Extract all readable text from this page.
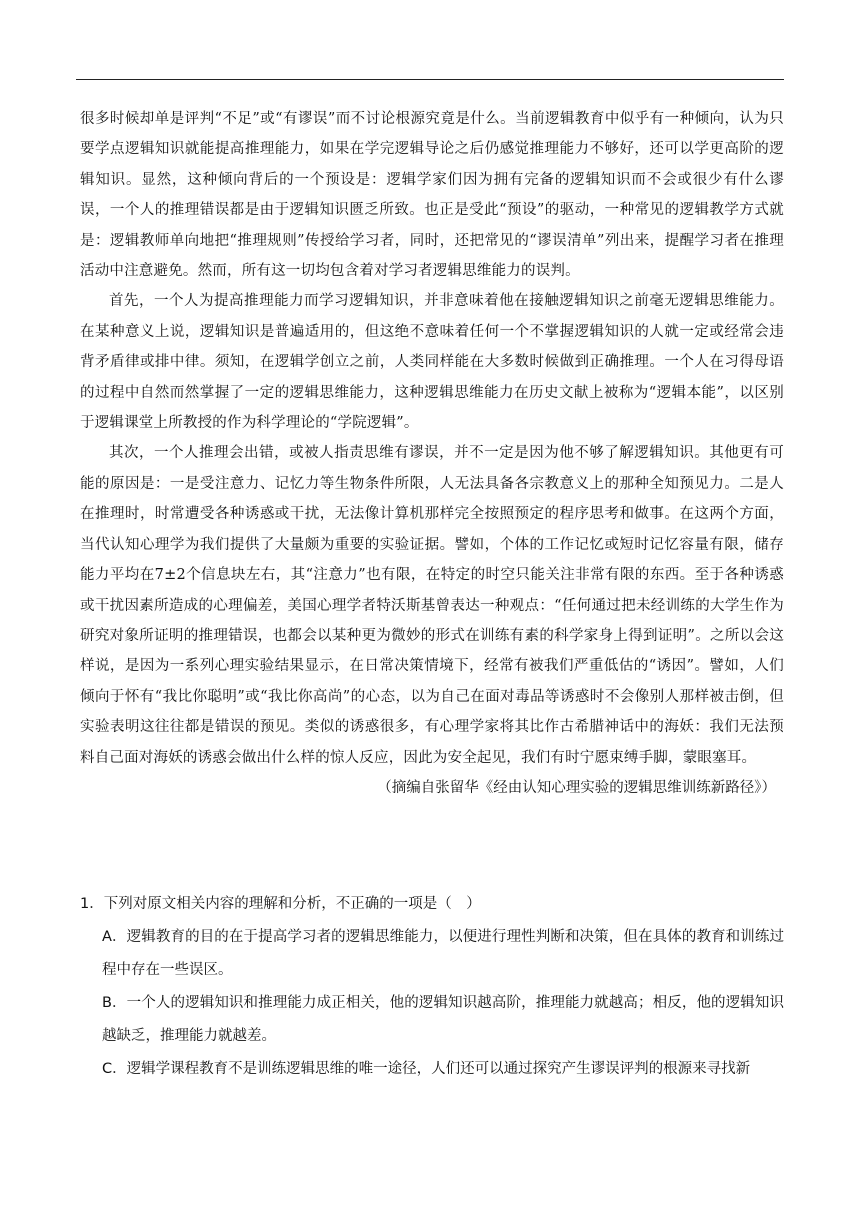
很多时候却单是评判“不足”或“有谬误”而不讨论根源究竟是什么。当前逻辑教育中似乎有一种倾向，认为只要学点逻辑知识就能提高推理能力，如果在学完逻辑导论之后仍感觉推理能力不够好，还可以学更高阶的逻辑知识。显然，这种倾向背后的一个预设是：逻辑学家们因为拥有完备的逻辑知识而不会或很少有什么谬误，一个人的推理错误都是由于逻辑知识匮乏所致。也正是受此“预设”的驱动，一种常见的逻辑教学方式就是：逻辑教师单向地把“推理规则”传授给学习者，同时，还把常见的“谬误清单”列出来，提醒学习者在推理活动中注意避免。然而，所有这一切均包含着对学习者逻辑思维能力的误判。

首先，一个人为提高推理能力而学习逻辑知识，并非意味着他在接触逻辑知识之前毫无逻辑思维能力。在某种意义上说，逻辑知识是普遍适用的，但这绝不意味着任何一个不掌握逻辑知识的人就一定或经常会违背矛盾律或排中律。须知，在逻辑学创立之前，人类同样能在大多数时候做到正确推理。一个人在习得母语的过程中自然而然掌握了一定的逻辑思维能力，这种逻辑思维能力在历史文献上被称为“逻辑本能”，以区别于逻辑课堂上所教授的作为科学理论的“学院逻辑”。

其次，一个人推理会出错，或被人指责思维有谬误，并不一定是因为他不够了解逻辑知识。其他更有可能的原因是：一是受注意力、记忆力等生物条件所限，人无法具备各宗教意义上的那种全知预见力。二是人在推理时，时常遭受各种诱惑或干扰，无法像计算机那样完全按照预定的程序思考和做事。在这两个方面，当代认知心理学为我们提供了大量颇为重要的实验证据。譬如，个体的工作记忆或短时记忆容量有限，储存能力平均在7±2个信息块左右，其“注意力”也有限，在特定的时空只能关注非常有限的东西。至于各种诱惑或干扰因素所造成的心理偏差，美国心理学者特沃斯基曾表达一种观点：“任何通过把未经训练的大学生作为研究对象所证明的推理错误，也都会以某种更为微妙的形式在训练有素的科学家身上得到证明”。之所以会这样说，是因为一系列心理实验结果显示，在日常决策情境下，经常有被我们严重低估的“诱因”。譬如，人们倾向于怀有“我比你聪明”或“我比你高尚”的心态，以为自己在面对毒品等诱惑时不会像别人那样被击倒，但实验表明这往往都是错误的预见。类似的诱惑很多，有心理学家将其比作古希腊神话中的海妖：我们无法预料自己面对海妖的诱惑会做出什么样的惊人反应，因此为安全起见，我们有时宁愿束缚手脚，蒙眼塞耳。

（摘编自张留华《经由认知心理实验的逻辑思维训练新路径》）

1．下列对原文相关内容的理解和分析，不正确的一项是（　）

A．逻辑教育的目的在于提高学习者的逻辑思维能力，以便进行理性判断和决策，但在具体的教育和训练过程中存在一些误区。

B．一个人的逻辑知识和推理能力成正相关，他的逻辑知识越高阶，推理能力就越高；相反，他的逻辑知识越缺乏，推理能力就越差。

C．逻辑学课程教育不是训练逻辑思维的唯一途径，人们还可以通过探究产生谬误评判的根源来寻找新
